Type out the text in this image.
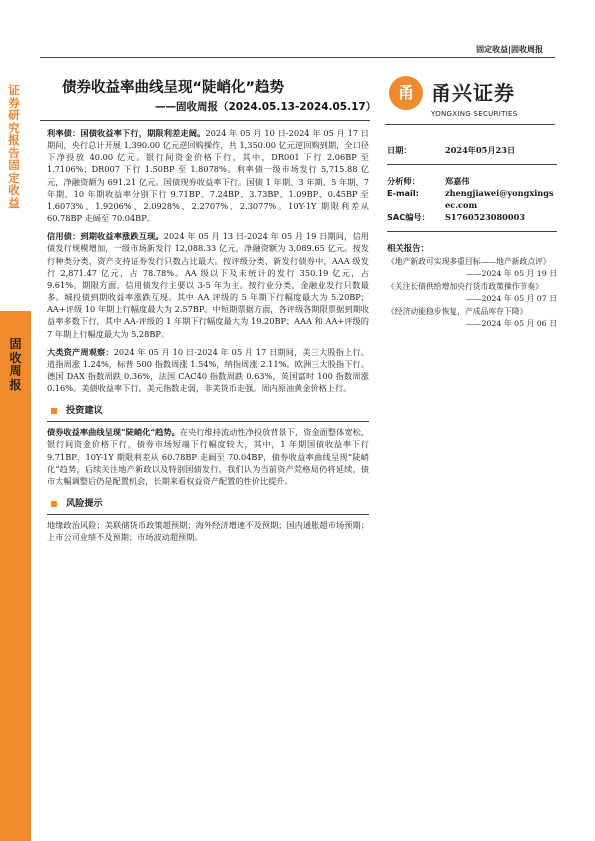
固定收益|固收周报
证券研究报告 固定收益
固收周报
债券收益率曲线呈现“陡峭化”趋势
——固收周报（2024.05.13-2024.05.17）
甬 甬兴证券
YONGXING SECURITIES

利率债：国债收益率下行，期限利差走阔。2024 年 05 月 10 日-2024 年 05 月 17 日期间，央行总计开展 1,390.00 亿元逆回购操作，共 1,350.00 亿元逆回购到期，全口径下净投放 40.00 亿元。银行间资金价格下行，其中，DR001 下行 2.06BP 至 1.7106%；DR007 下行 1.50BP 至 1.8078%。利率债一级市场发行 5,715.88 亿元，净融资额为 691.21 亿元。国债现券收益率下行。国债 1 年期、3 年期、5 年期、7 年期、10 年期收益率分别下行 9.71BP、7.24BP、3.73BP、1.09BP、0.45BP 至 1.6073%、1.9206%、2.0928%、2.2707%、2.3077%。10Y-1Y 期限利差从 60.78BP 走阔至 70.04BP。

信用债：到期收益率涨跌互现。2024 年 05 月 13 日-2024 年 05 月 19 日期间，信用债发行规模增加，一级市场新发行 12,088.33 亿元，净融资额为 3,089.65 亿元。按发行种类分类，资产支持证券发行只数占比最大。按评级分类，新发行债券中，AAA 级发行 2,871.47 亿元，占 78.78%。AA 级以下及未统计的发行 350.19 亿元，占 9.61%。期限方面，信用债发行主要以 3-5 年为主。按行业分类，金融业发行只数最多。城投债到期收益率涨跌互现。其中 AA 评级的 5 年期下行幅度最大为 5.20BP；AA+评级 10 年期上行幅度最大为 2.57BP。中短期票据方面，各评级各期限票据到期收益率多数下行，其中 AA-评级的 1 年期下行幅度最大为 19.20BP；AAA 和 AA+评级的 7 年期上行幅度最大为 5.28BP。

大类资产周观察：2024 年 05 月 10 日-2024 年 05 月 17 日期间，美三大股指上行。道指周涨 1.24%，标普 500 指数周涨 1.54%，纳指周涨 2.11%。欧洲三大股指下行。德国 DAX 指数周跌 0.36%，法国 CAC40 指数周跌 0.63%，英国富时 100 指数周涨 0.16%。美债收益率下行。美元指数走弱，非美货币走强。周内原油黄金价格上行。

投资建议

债券收益率曲线呈现“陡峭化”趋势。在央行维持流动性净投放背景下，资金面整体宽松，银行间资金价格下行，债券市场短端下行幅度较大，其中，1 年期国债收益率下行 9.71BP，10Y-1Y 期限利差从 60.78BP 走阔至 70.04BP，债券收益率曲线呈现“陡峭化”趋势，后续关注地产新政以及特别国债发行，我们认为当前资产荒格局仍将延续，债市大幅调整后仍是配置机会，长期来看权益资产配置的性价比提升。

风险提示

地缘政治风险；美联储货币政策超预期；海外经济增速不及预期；国内通胀超市场预期；上市公司业绩不及预期；市场波动超预期。

日期：	2024年05月23日
分析师：	郑嘉伟
E-mail:	zhengjiawei@yongxingsec.com
SAC编号：	S1760523080003
相关报告：
《地产新政可实现多重目标——地产新政点评》
——2024 年 05 月 19 日
《关注长债供给增加央行货币政策操作节奏》
——2024 年 05 月 07 日
《经济动能稳步恢复，产成品库存下降》
——2024 年 05 月 06 日
